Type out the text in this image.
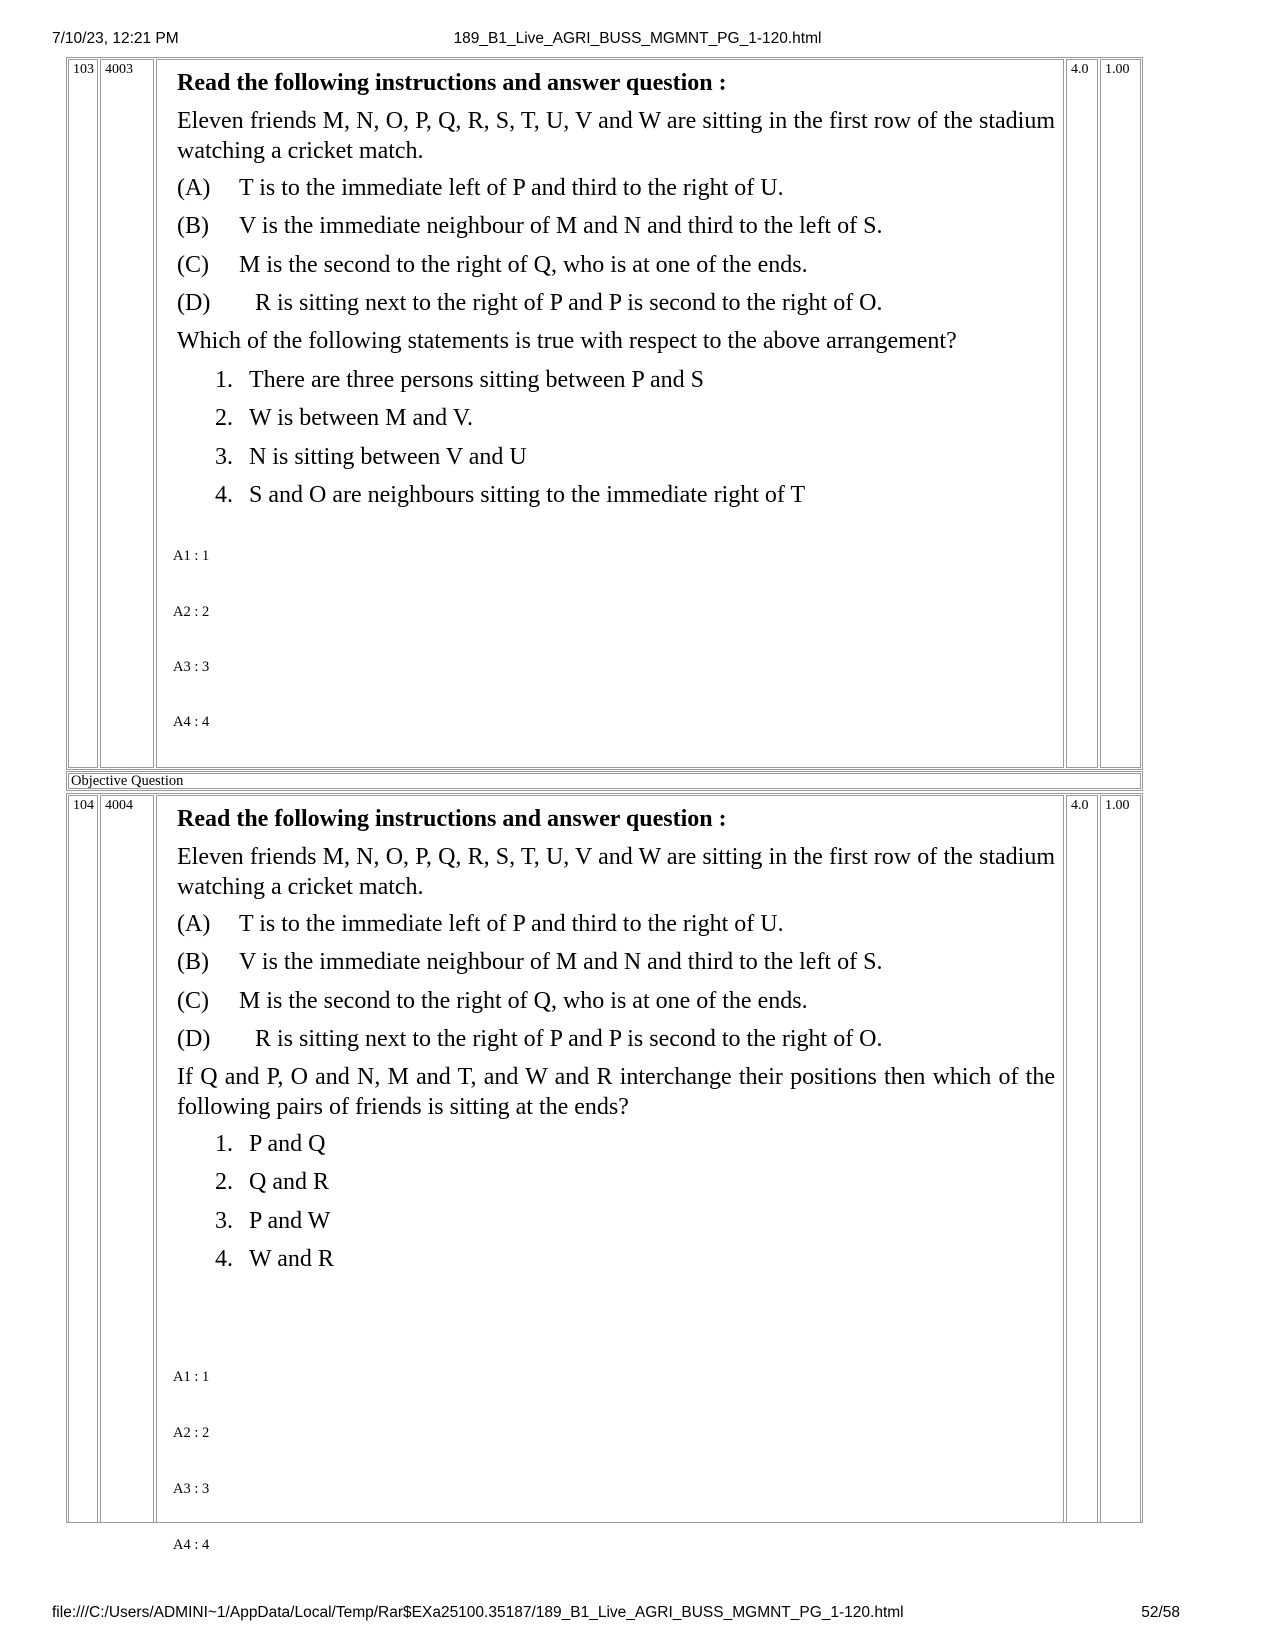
7/10/23, 12:21 PM	189_B1_Live_AGRI_BUSS_MGMNT_PG_1-120.html
103 4003	4.0	1.00
Read the following instructions and answer question :
Eleven friends M, N, O, P, Q, R, S, T, U, V and W are sitting in the first row of the stadium watching a cricket match.
(A) T is to the immediate left of P and third to the right of U.
(B) V is the immediate neighbour of M and N and third to the left of S.
(C) M is the second to the right of Q, who is at one of the ends.
(D) R is sitting next to the right of P and P is second to the right of O.
Which of the following statements is true with respect to the above arrangement?
1. There are three persons sitting between P and S
2. W is between M and V.
3. N is sitting between V and U
4. S and O are neighbours sitting to the immediate right of T
A1 : 1
A2 : 2
A3 : 3
A4 : 4
Objective Question
104 4004	4.0	1.00
Read the following instructions and answer question :
Eleven friends M, N, O, P, Q, R, S, T, U, V and W are sitting in the first row of the stadium watching a cricket match.
(A) T is to the immediate left of P and third to the right of U.
(B) V is the immediate neighbour of M and N and third to the left of S.
(C) M is the second to the right of Q, who is at one of the ends.
(D) R is sitting next to the right of P and P is second to the right of O.
If Q and P, O and N, M and T, and W and R interchange their positions then which of the following pairs of friends is sitting at the ends?
1. P and Q
2. Q and R
3. P and W
4. W and R
A1 : 1
A2 : 2
A3 : 3
A4 : 4
file:///C:/Users/ADMINI~1/AppData/Local/Temp/Rar$EXa25100.35187/189_B1_Live_AGRI_BUSS_MGMNT_PG_1-120.html	52/58
